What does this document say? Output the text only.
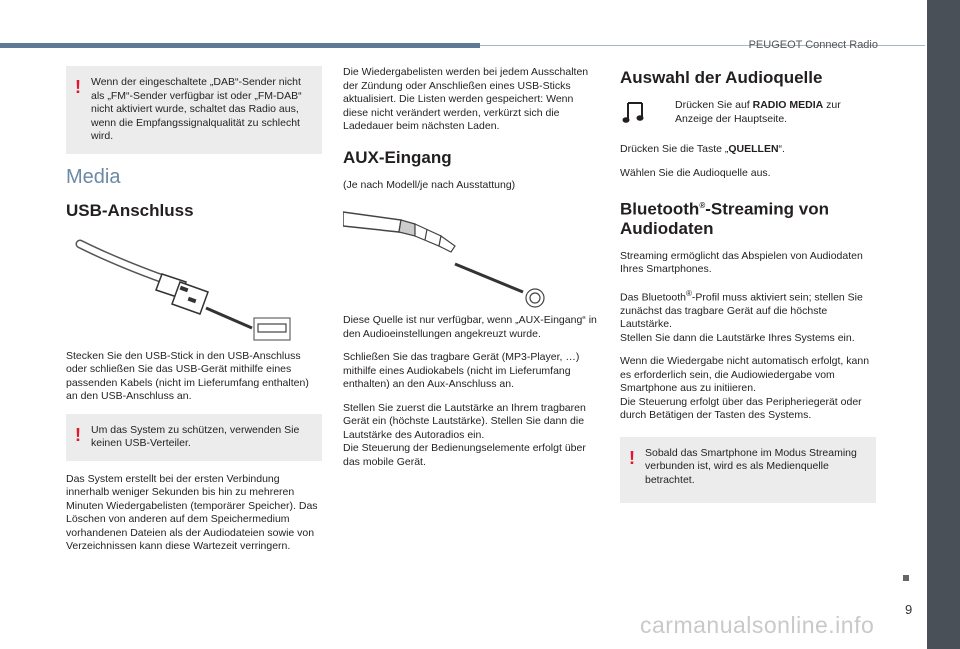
PEUGEOT Connect Radio
9
carmanualsonline.info
! Wenn der eingeschaltete „DAB“-Sender nicht als „FM“-Sender verfügbar ist oder „FM-DAB“ nicht aktiviert wurde, schaltet das Radio aus, wenn die Empfangssignalqualität zu schlecht wird.
Media
USB-Anschluss

Stecken Sie den USB-Stick in den USB-Anschluss oder schließen Sie das USB-Gerät mithilfe eines passenden Kabels (nicht im Lieferumfang enthalten) an den USB-Anschluss an.

! Um das System zu schützen, verwenden Sie keinen USB-Verteiler.

Das System erstellt bei der ersten Verbindung innerhalb weniger Sekunden bis hin zu mehreren Minuten Wiedergabelisten (temporärer Speicher). Das Löschen von anderen auf dem Speichermedium vorhandenen Dateien als der Audiodateien sowie von Verzeichnissen kann diese Wartezeit verringern.

Die Wiedergabelisten werden bei jedem Ausschalten der Zündung oder Anschließen eines USB-Sticks aktualisiert. Die Listen werden gespeichert: Wenn diese nicht verändert werden, verkürzt sich die Ladedauer beim nächsten Laden.

AUX-Eingang

(Je nach Modell/je nach Ausstattung)

Diese Quelle ist nur verfügbar, wenn „AUX-Eingang“ in den Audioeinstellungen angekreuzt wurde.

Schließen Sie das tragbare Gerät (MP3-Player, …) mithilfe eines Audiokabels (nicht im Lieferumfang enthalten) an den Aux-Anschluss an.

Stellen Sie zuerst die Lautstärke an Ihrem tragbaren Gerät ein (höchste Lautstärke). Stellen Sie dann die Lautstärke des Autoradios ein.
Die Steuerung der Bedienungselemente erfolgt über das mobile Gerät.

Auswahl der Audioquelle

Drücken Sie auf RADIO MEDIA zur Anzeige der Hauptseite.

Drücken Sie die Taste „QUELLEN“.

Wählen Sie die Audioquelle aus.

Bluetooth®-Streaming von Audiodaten

Streaming ermöglicht das Abspielen von Audiodaten Ihres Smartphones.

Das Bluetooth®-Profil muss aktiviert sein; stellen Sie zunächst das tragbare Gerät auf die höchste Lautstärke.
Stellen Sie dann die Lautstärke Ihres Systems ein.

Wenn die Wiedergabe nicht automatisch erfolgt, kann es erforderlich sein, die Audiowiedergabe vom Smartphone aus zu initiieren.
Die Steuerung erfolgt über das Peripheriegerät oder durch Betätigen der Tasten des Systems.

! Sobald das Smartphone im Modus Streaming verbunden ist, wird es als Medienquelle betrachtet.
